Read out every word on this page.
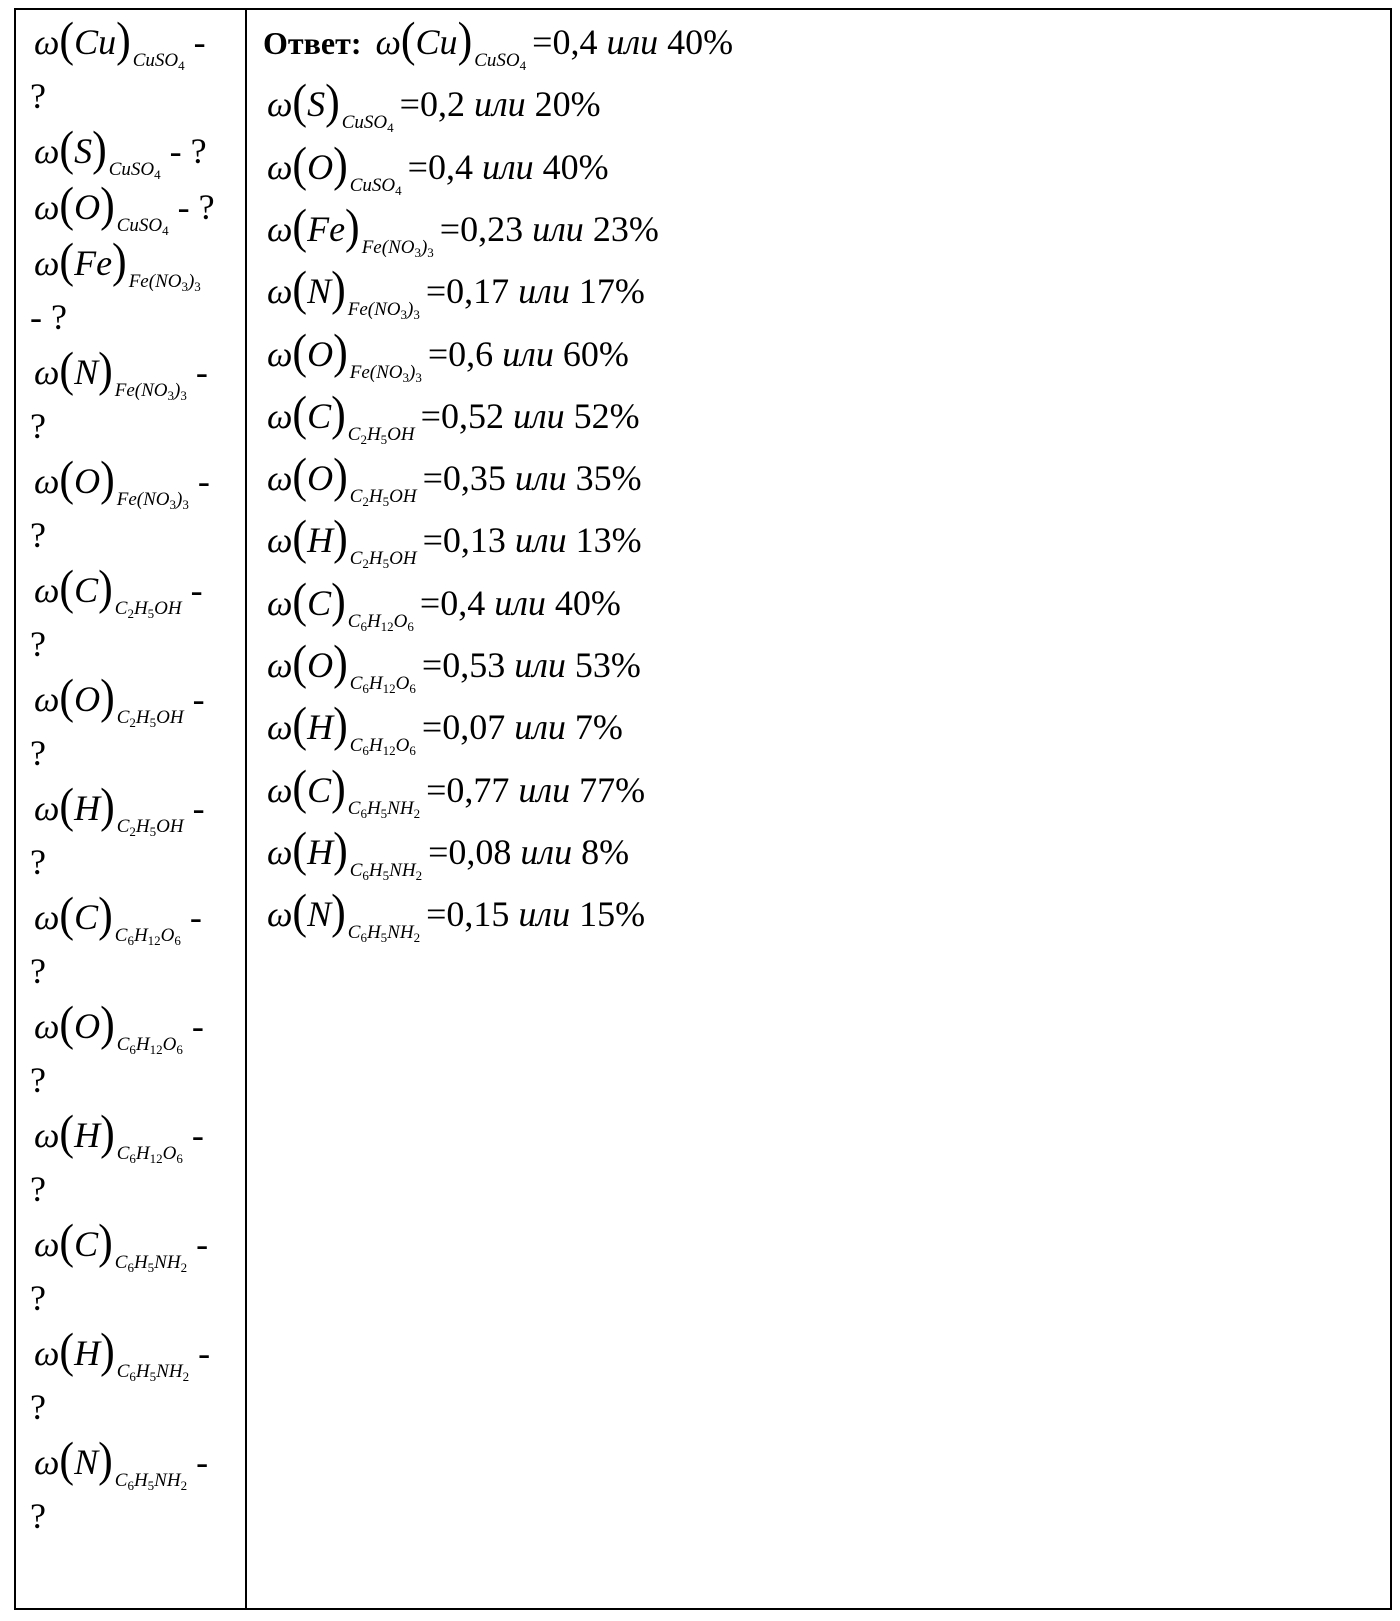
ω(Cu) $_{CuSO_4}$ -
?
ω(S) $_{CuSO_4}$ - ?
ω(O) $_{CuSO_4}$ - ?
ω(Fe) $_{Fe(NO_3)_3}$
- ?
ω(N) $_{Fe(NO_3)_3}$ -
?
ω(O) $_{Fe(NO_3)_3}$ -
?
ω(C) $_{C_2H_5OH}$ -
?
ω(O) $_{C_2H_5OH}$ -
?
ω(H) $_{C_2H_5OH}$ -
?
ω(C) $_{C_6H_{12}O_6}$ -
?
ω(O) $_{C_6H_{12}O_6}$ -
?
ω(H) $_{C_6H_{12}O_6}$ -
?
ω(C) $_{C_6H_5NH_2}$ -
?
ω(H) $_{C_6H_5NH_2}$ -
?
ω(N) $_{C_6H_5NH_2}$ -
?
Ответ: ω(Cu) $_{CuSO_4}$=0,4 или 40%
ω(S) $_{CuSO_4}$=0,2 или 20%
ω(O) $_{CuSO_4}$=0,4 или 40%
ω(Fe) $_{Fe(NO_3)_3}$=0,23 или 23%
ω(N) $_{Fe(NO_3)_3}$=0,17 или 17%
ω(O) $_{Fe(NO_3)_3}$=0,6 или 60%
ω(C) $_{C_2H_5OH}$ =0,52 или 52%
ω(O) $_{C_2H_5OH}$ =0,35 или 35%
ω(H) $_{C_2H_5OH}$ =0,13 или 13%
ω(C) $_{C_6H_{12}O_6}$=0,4 или 40%
ω(O) $_{C_6H_{12}O_6}$=0,53 или 53%
ω(H) $_{C_6H_{12}O_6}$=0,07 или 7%
ω(C) $_{C_6H_5NH_2}$=0,77 или 77%
ω(H) $_{C_6H_5NH_2}$=0,08 или 8%
ω(N) $_{C_6H_5NH_2}$=0,15 или 15%
